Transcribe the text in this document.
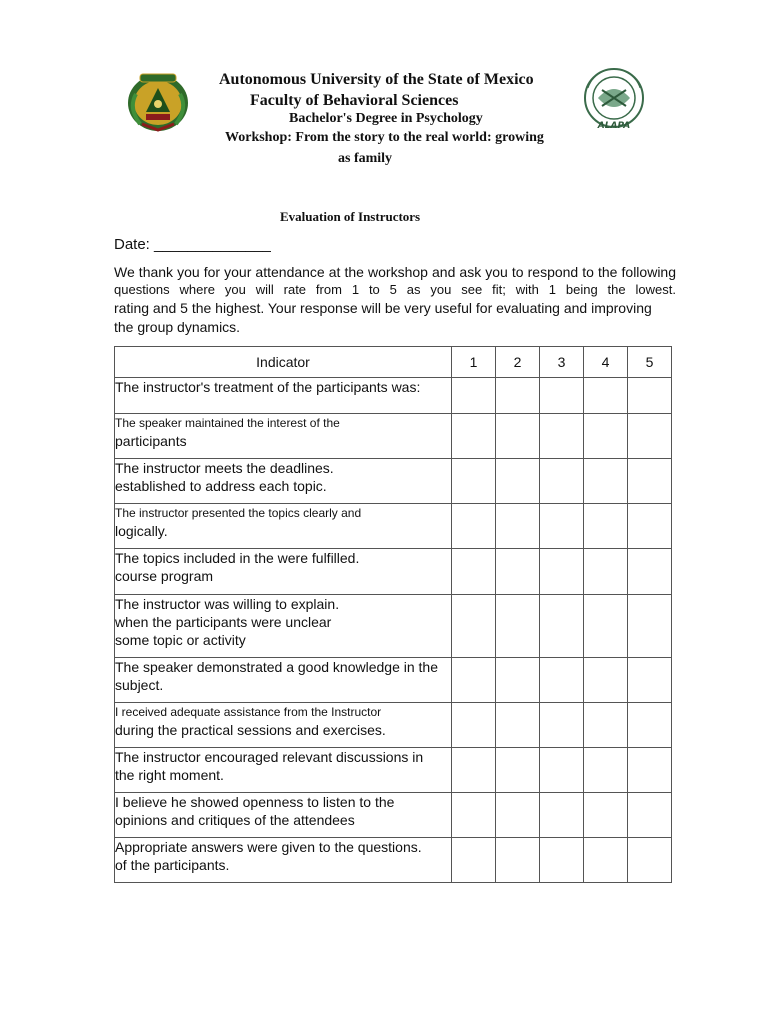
ALAPA
Autonomous University of the State of Mexico
Faculty of Behavioral Sciences
Bachelor's Degree in Psychology
Workshop: From the story to the real world: growing
as family
Evaluation of Instructors
Date: ______________
We thank you for your attendance at the workshop and ask you to respond to the following
questions where you will rate from 1 to 5 as you see fit; with 1 being the lowest.
rating and 5 the highest. Your response will be very useful for evaluating and improving
the group dynamics.
Indicator	1	2	3	4	5

The instructor's treatment of the participants was:					

The speaker maintained the interest of the
participants					

The instructor meets the deadlines.
established to address each topic.					

The instructor presented the topics clearly and
logically.					

The topics included in the were fulfilled.
course program					

The instructor was willing to explain.
when the participants were unclear
some topic or activity					

The speaker demonstrated a good knowledge in the
subject.					

I received adequate assistance from the Instructor
during the practical sessions and exercises.					

The instructor encouraged relevant discussions in
the right moment.					

I believe he showed openness to listen to the
opinions and critiques of the attendees					

Appropriate answers were given to the questions.
of the participants.					
